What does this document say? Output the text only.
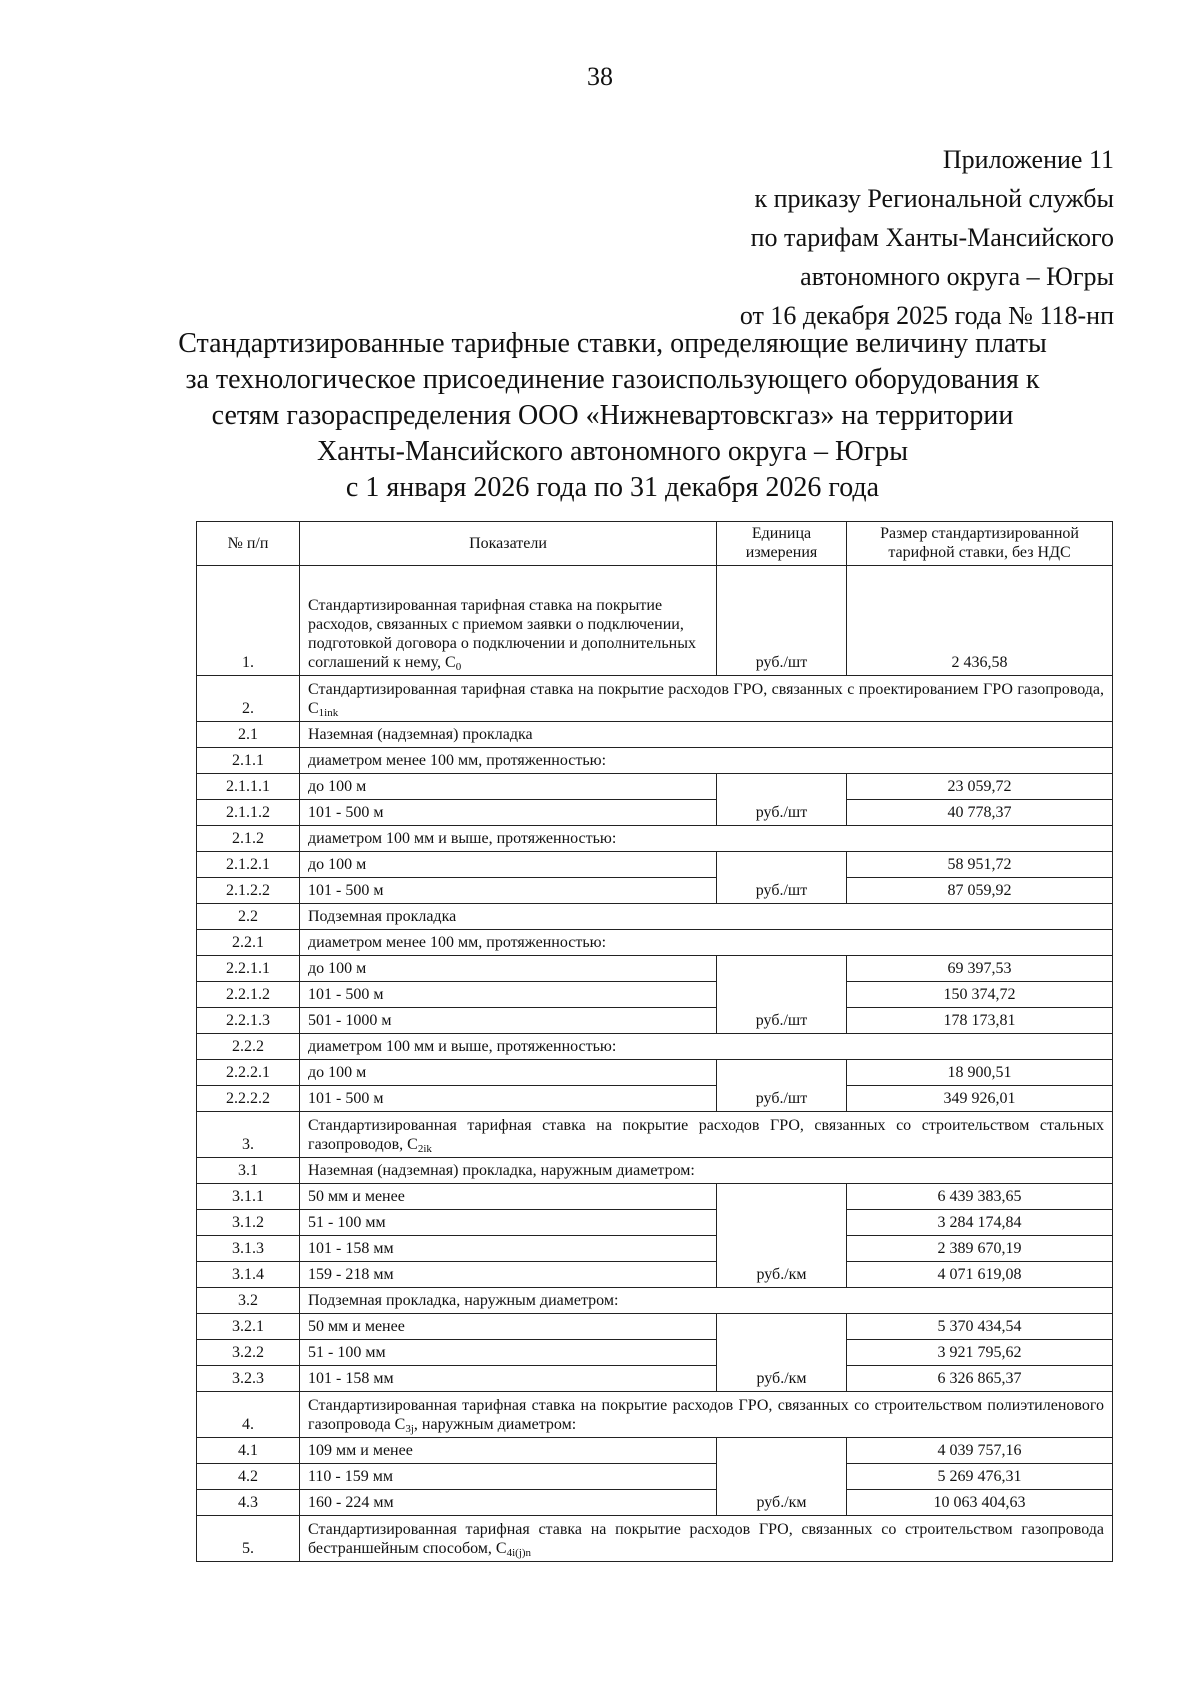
38
Приложение 11
к приказу Региональной службы
по тарифам Ханты-Мансийского
автономного округа – Югры
от 16 декабря 2025 года № 118-нп
Стандартизированные тарифные ставки, определяющие величину платы
за технологическое присоединение газоиспользующего оборудования к
сетям газораспределения ООО «Нижневартовскгаз» на территории
Ханты-Мансийского автономного округа – Югры
с 1 января 2026 года по 31 декабря 2026 года
№ п/п	Показатели	Единица измерения	Размер стандартизированной тарифной ставки, без НДС
1.	Стандартизированная тарифная ставка на покрытие расходов, связанных с приемом заявки о подключении, подготовкой договора о подключении и дополнительных соглашений к нему, $C_0$	руб./шт	2 436,58
2.	Стандартизированная тарифная ставка на покрытие расходов ГРО, связанных с проектированием ГРО газопровода, $C_{1ink}$
2.1	Наземная (надземная) прокладка		
2.1.1	диаметром менее 100 мм, протяженностью:		
2.1.1.1	до 100 м	руб./шт	23 059,72
2.1.1.2	101 - 500 м		40 778,37
2.1.2	диаметром 100 мм и выше, протяженностью:		
2.1.2.1	до 100 м	руб./шт	58 951,72
2.1.2.2	101 - 500 м		87 059,92
2.2	Подземная прокладка		
2.2.1	диаметром менее 100 мм, протяженностью:		
2.2.1.1	до 100 м	руб./шт	69 397,53
2.2.1.2	101 - 500 м		150 374,72
2.2.1.3	501 - 1000 м		178 173,81
2.2.2	диаметром 100 мм и выше, протяженностью:		
2.2.2.1	до 100 м	руб./шт	18 900,51
2.2.2.2	101 - 500 м		349 926,01
3.	Стандартизированная тарифная ставка на покрытие расходов ГРО, связанных со строительством стальных газопроводов, $C_{2ik}$
3.1	Наземная (надземная) прокладка, наружным диаметром:		
3.1.1	50 мм и менее	руб./км	6 439 383,65
3.1.2	51 - 100 мм		3 284 174,84
3.1.3	101 - 158 мм		2 389 670,19
3.1.4	159 - 218 мм		4 071 619,08
3.2	Подземная прокладка, наружным диаметром:		
3.2.1	50 мм и менее	руб./км	5 370 434,54
3.2.2	51 - 100 мм		3 921 795,62
3.2.3	101 - 158 мм		6 326 865,37
4.	Стандартизированная тарифная ставка на покрытие расходов ГРО, связанных со строительством полиэтиленового газопровода $C_{3j}$, наружным диаметром:		
4.1	109 мм и менее	руб./км	4 039 757,16
4.2	110 - 159 мм		5 269 476,31
4.3	160 - 224 мм		10 063 404,63
5.	Стандартизированная тарифная ставка на покрытие расходов ГРО, связанных со строительством газопровода бестраншейным способом, $C_{4i(j)n}$
